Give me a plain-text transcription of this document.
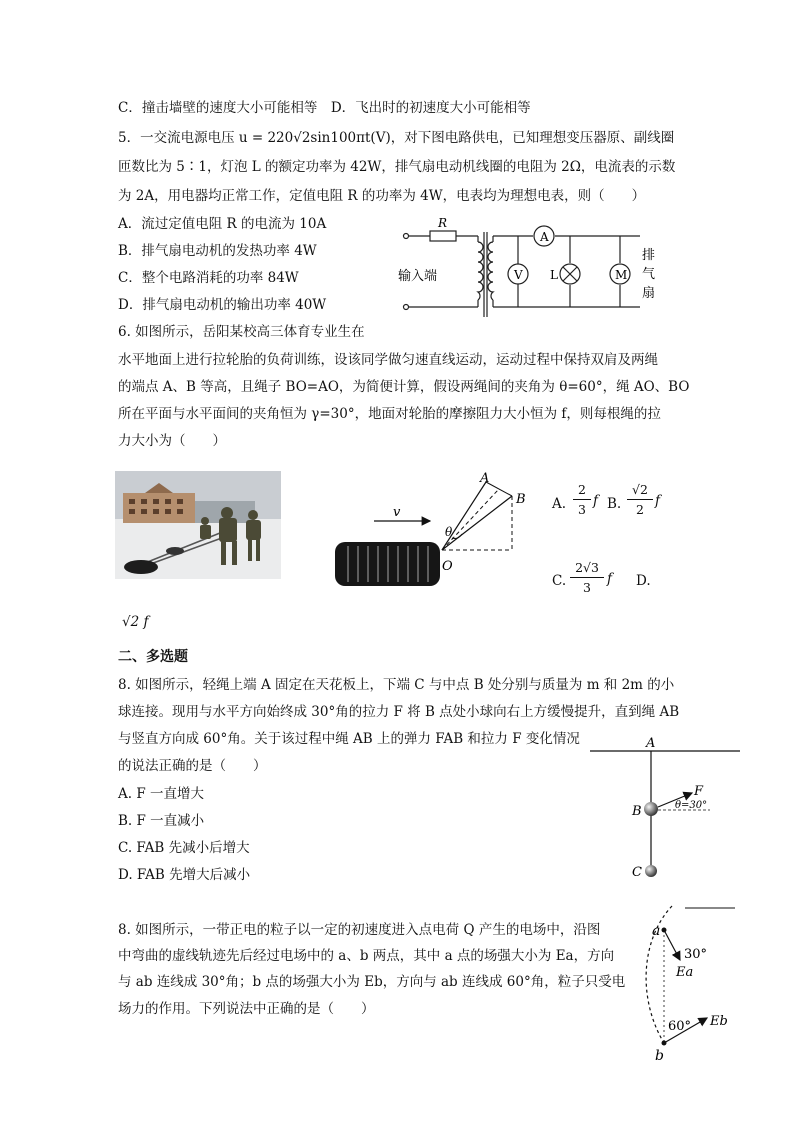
C．撞击墙壁的速度大小可能相等　D．飞出时的初速度大小可能相等
5．一交流电源电压 u = 220√2sin100πt(V)，对下图电路供电，已知理想变压器原、副线圈
匝数比为 5∶1，灯泡 L 的额定功率为 42W，排气扇电动机线圈的电阻为 2Ω，电流表的示数
为 2A，用电器均正常工作，定值电阻 R 的功率为 4W，电表均为理想电表，则（　　）
A．流过定值电阻 R 的电流为 10A
B．排气扇电动机的发热功率 4W
C．整个电路消耗的功率 84W
D．排气扇电动机的输出功率 40W
R
A
V L	M
输入端
排
气
扇
6. 如图所示，岳阳某校高三体育专业生在
水平地面上进行拉轮胎的负荷训练，设该同学做匀速直线运动，运动过程中保持双肩及两绳
的端点 A、B 等高，且绳子 BO=AO，为简便计算，假设两绳间的夹角为 θ=60°，绳 AO、BO
所在平面与水平面间的夹角恒为 γ=30°，地面对轮胎的摩擦阻力大小恒为 f，则每根绳的拉
力大小为（　　）
v
A
B
O
θ
A.
2
3
f B.
√2
2
f
C.
2√3
3
f D.
√2 f
二、多选题
8. 如图所示，轻绳上端 A 固定在天花板上，下端 C 与中点 B 处分别与质量为 m 和 2m 的小
球连接。现用与水平方向始终成 30°角的拉力 F 将 B 点处小球向右上方缓慢提升，直到绳 AB
与竖直方向成 60°角。关于该过程中绳 AB 上的弹力 FAB 和拉力 F 变化情况
的说法正确的是（　　）
A. F 一直增大
B. F 一直减小
C. FAB 先减小后增大
D. FAB 先增大后减小
A
B
F
θ=30°
C
8. 如图所示，一带正电的粒子以一定的初速度进入点电荷 Q 产生的电场中，沿图
中弯曲的虚线轨迹先后经过电场中的 a、b 两点，其中 a 点的场强大小为 Ea，方向
与 ab 连线成 30°角；b 点的场强大小为 Eb，方向与 ab 连线成 60°角，粒子只受电
场力的作用。下列说法中正确的是（　　）
a
b
30°
Ea
60° Eb
